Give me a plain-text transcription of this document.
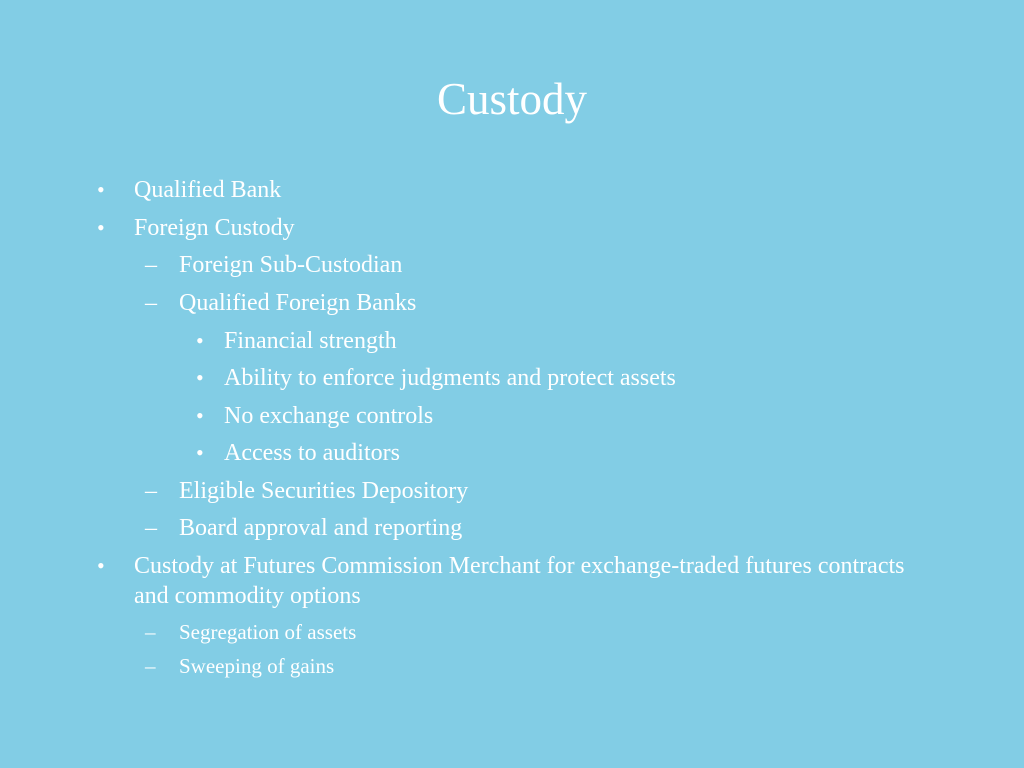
Custody
• Qualified Bank
• Foreign Custody
– Foreign Sub-Custodian
– Qualified Foreign Banks
• Financial strength
• Ability to enforce judgments and protect assets
• No exchange controls
• Access to auditors
– Eligible Securities Depository
– Board approval and reporting
• Custody at Futures Commission Merchant for exchange-traded futures contracts and commodity options
– Segregation of assets
– Sweeping of gains
